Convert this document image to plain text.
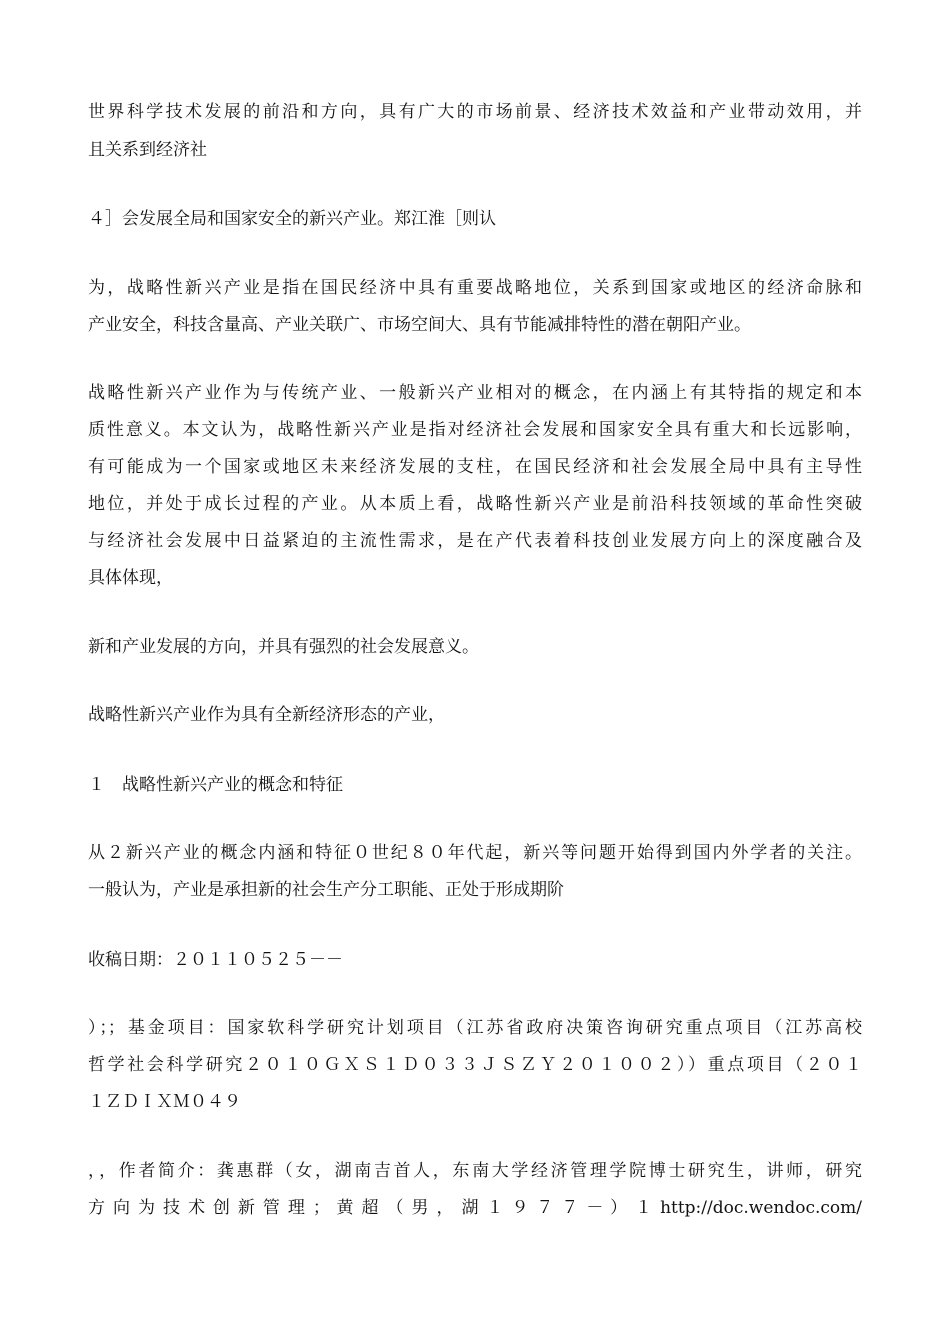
世界科学技术发展的前沿和方向，具有广大的市场前景、经济技术效益和产业带动效用，并
且关系到经济社
４］会发展全局和国家安全的新兴产业。郑江淮［则认
为，战略性新兴产业是指在国民经济中具有重要战略地位，关系到国家或地区的经济命脉和
产业安全，科技含量高、产业关联广、市场空间大、具有节能减排特性的潜在朝阳产业。
战略性新兴产业作为与传统产业、一般新兴产业相对的概念，在内涵上有其特指的规定和本
质性意义。本文认为，战略性新兴产业是指对经济社会发展和国家安全具有重大和长远影响，
有可能成为一个国家或地区未来经济发展的支柱，在国民经济和社会发展全局中具有主导性
地位，并处于成长过程的产业。从本质上看，战略性新兴产业是前沿科技领域的革命性突破
与经济社会发展中日益紧迫的主流性需求，是在产代表着科技创业发展方向上的深度融合及
具体体现，
新和产业发展的方向，并具有强烈的社会发展意义。
战略性新兴产业作为具有全新经济形态的产业，
１　战略性新兴产业的概念和特征
从２新兴产业的概念内涵和特征０世纪８０年代起，新兴等问题开始得到国内外学者的关注。
一般认为，产业是承担新的社会生产分工职能、正处于形成期阶
收稿日期：２０１１０５２５－－
）；；基金项目：国家软科学研究计划项目（江苏省政府决策咨询研究重点项目（江苏高校
哲学社会科学研究２０１０ＧＸＳ１Ｄ０３３ＪＳＺＹ２０１００２））重点项目（２０１
１ＺＤＩＸＭ０４９
，，作者简介：龚惠群（女，湖南吉首人，东南大学经济管理学院博士研究生，讲师，研究
方 向 为 技 术 创 新 管 理 ； 黄 超 （ 男 ， 湖 １ ９ ７ ７ － ） １ http://doc.wendoc.com/
